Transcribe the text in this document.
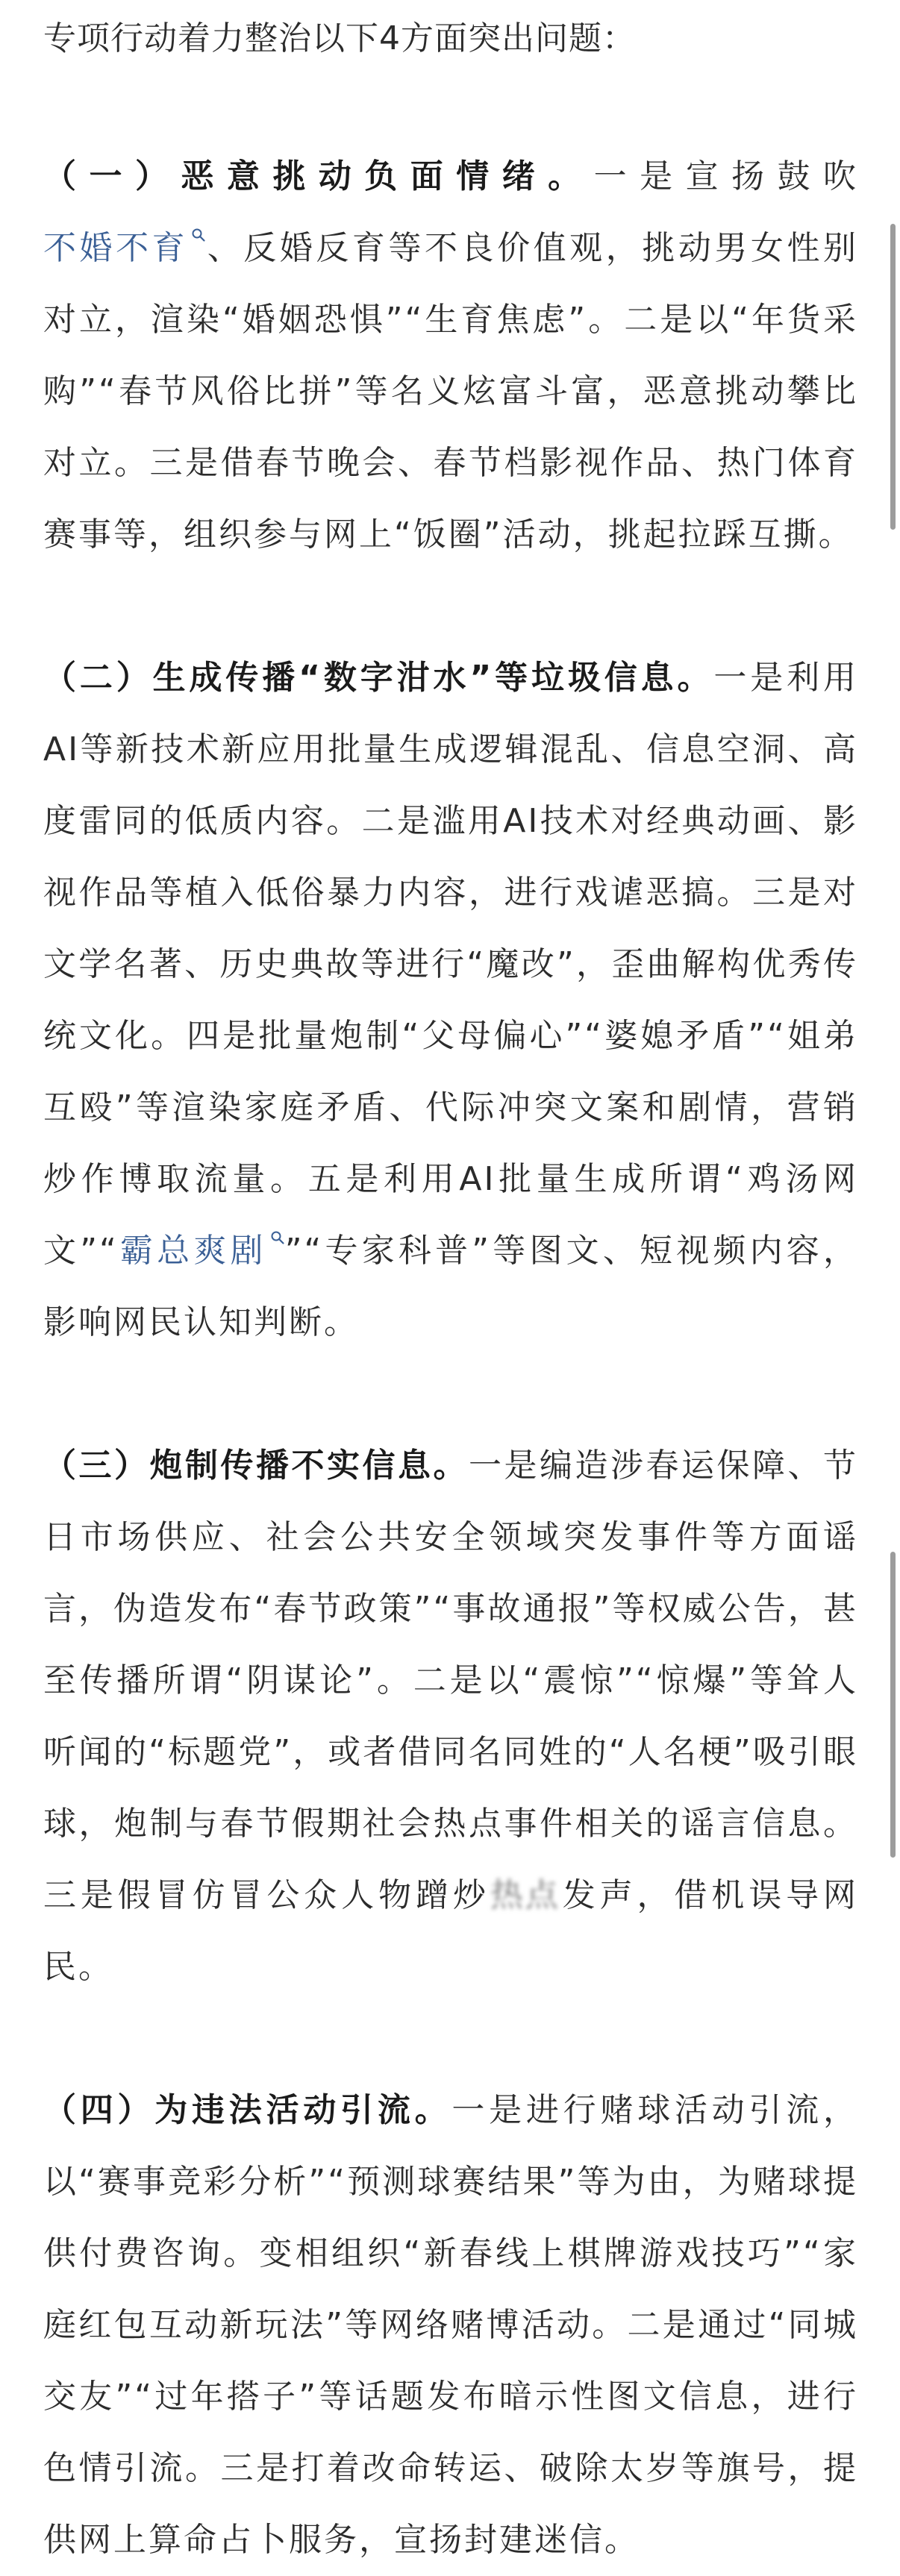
专项行动着力整治以下4方面突出问题：

（一）恶意挑动负面情绪。一是宣扬鼓吹不婚不育 、反婚反育等不良价值观，挑动男女性别对立，渲染“婚姻恐惧”“生育焦虑”。二是以“年货采购”“春节风俗比拼”等名义炫富斗富，恶意挑动攀比对立。三是借春节晚会、春节档影视作品、热门体育赛事等，组织参与网上“饭圈”活动，挑起拉踩互撕。

（二）生成传播“数字泔水”等垃圾信息。一是利用AI等新技术新应用批量生成逻辑混乱、信息空洞、高度雷同的低质内容。二是滥用AI技术对经典动画、影视作品等植入低俗暴力内容，进行戏谑恶搞。三是对文学名著、历史典故等进行“魔改”，歪曲解构优秀传统文化。四是批量炮制“父母偏心”“婆媳矛盾”“姐弟互殴”等渲染家庭矛盾、代际冲突文案和剧情，营销炒作博取流量。五是利用AI批量生成所谓“鸡汤网文”“霸总爽剧 ”“专家科普”等图文、短视频内容，影响网民认知判断。

（三）炮制传播不实信息。一是编造涉春运保障、节日市场供应、社会公共安全领域突发事件等方面谣言，伪造发布“春节政策”“事故通报”等权威公告，甚至传播所谓“阴谋论”。二是以“震惊”“惊爆”等耸人听闻的“标题党”，或者借同名同姓的“人名梗”吸引眼球，炮制与春节假期社会热点事件相关的谣言信息。三是假冒仿冒公众人物蹭炒热点发声，借机误导网民。

（四）为违法活动引流。一是进行赌球活动引流，以“赛事竞彩分析”“预测球赛结果”等为由，为赌球提供付费咨询。变相组织“新春线上棋牌游戏技巧”“家庭红包互动新玩法”等网络赌博活动。二是通过“同城交友”“过年搭子”等话题发布暗示性图文信息，进行色情引流。三是打着改命转运、破除太岁等旗号，提供网上算命占卜服务，宣扬封建迷信。
